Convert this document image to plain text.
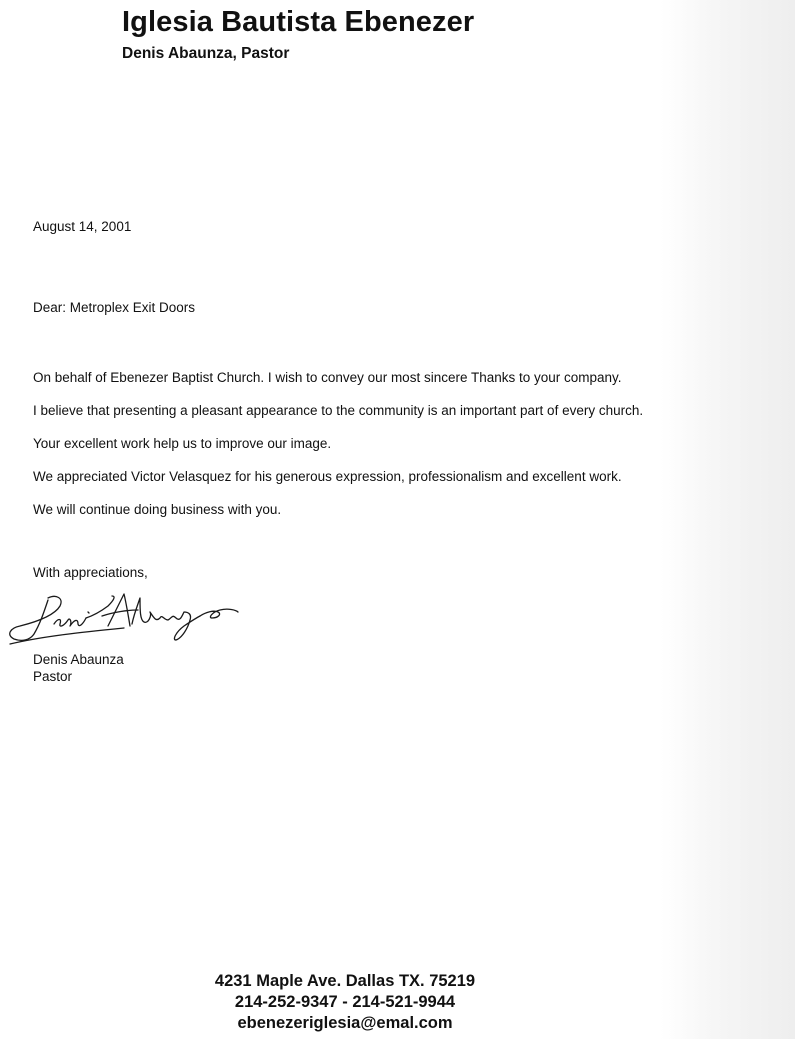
Iglesia Bautista Ebenezer
Denis Abaunza, Pastor
August 14, 2001
Dear: Metroplex Exit Doors
On behalf of Ebenezer Baptist Church. I wish to convey our most sincere Thanks to your company.
I believe that presenting a pleasant appearance to the community is an important part of every church.
Your excellent work help us to improve our image.
We appreciated Victor Velasquez for his generous expression, professionalism and excellent work.
We will continue doing business with you.
With appreciations,
Denis Abaunza
Pastor
4231 Maple Ave. Dallas TX. 75219
214-252-9347 - 214-521-9944
ebenezeriglesia@emal.com
